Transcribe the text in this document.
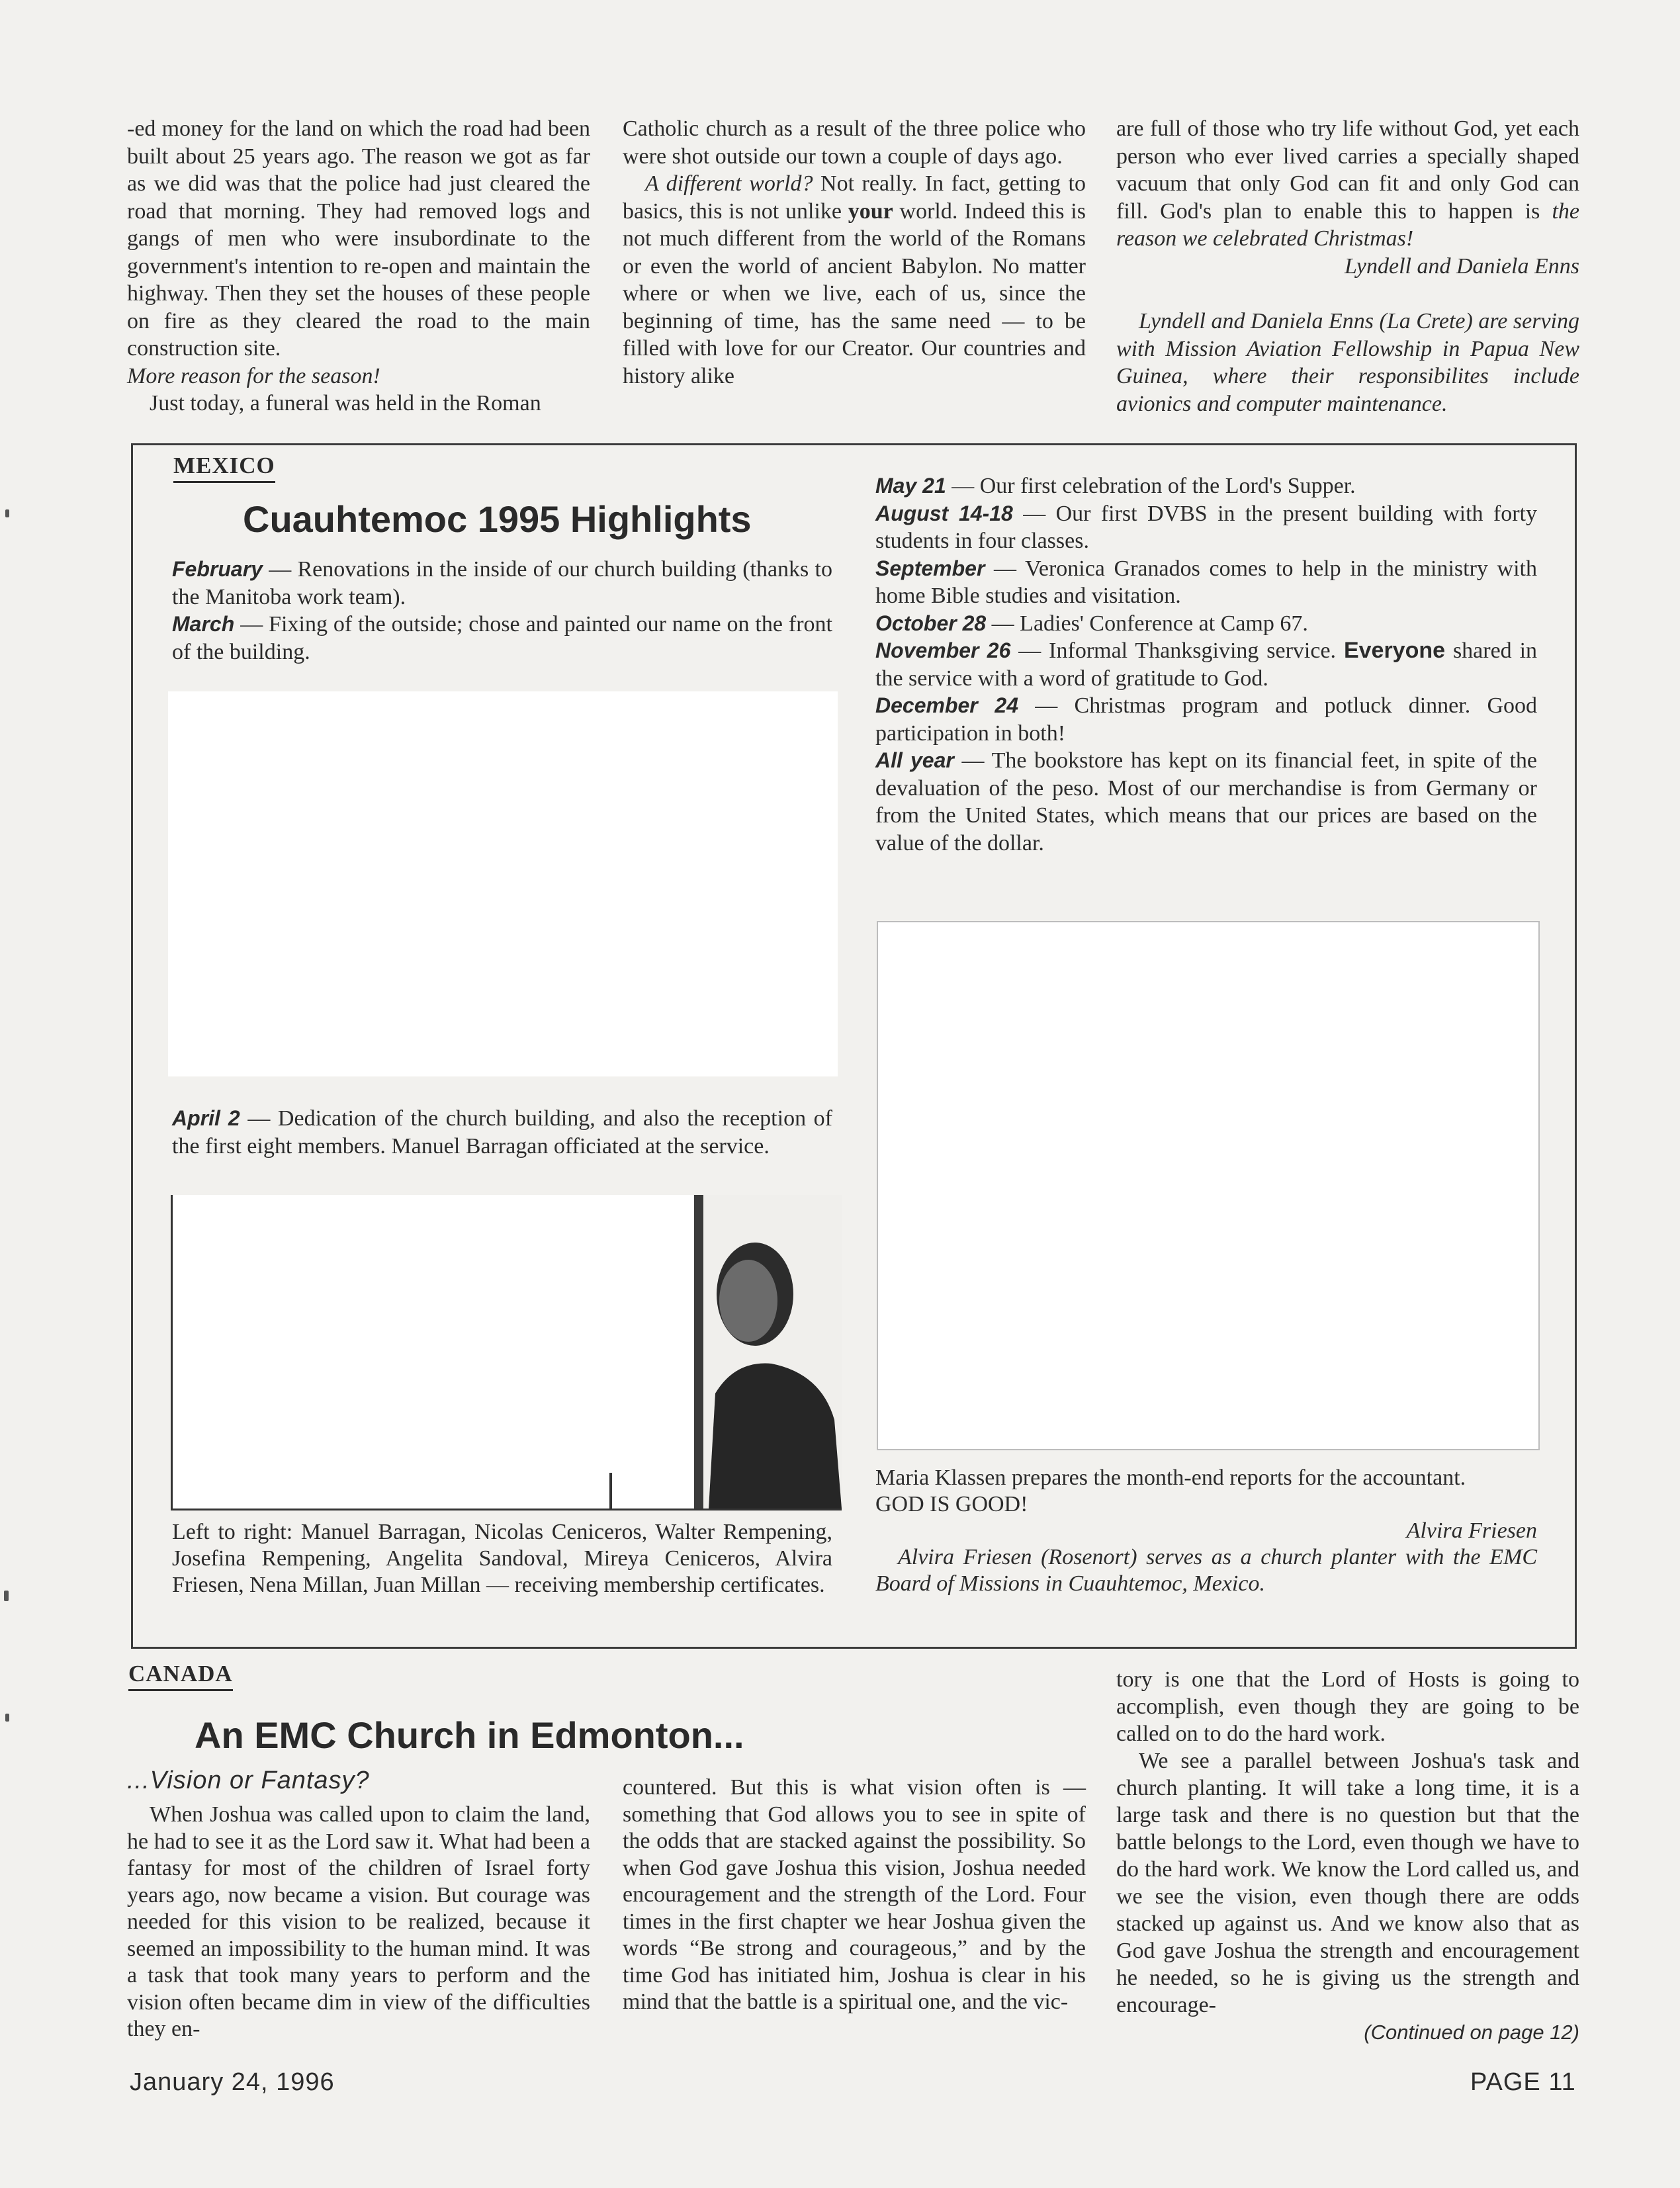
-ed money for the land on which the road had been built about 25 years ago. The reason we got as far as we did was that the police had just cleared the road that morning. They had removed logs and gangs of men who were insubordinate to the government's intention to re-open and maintain the highway. Then they set the houses of these people on fire as they cleared the road to the main construction site.

More reason for the season!

Just today, a funeral was held in the Roman

Catholic church as a result of the three police who were shot outside our town a couple of days ago.

A different world? Not really. In fact, getting to basics, this is not unlike your world. Indeed this is not much different from the world of the Romans or even the world of ancient Babylon. No matter where or when we live, each of us, since the beginning of time, has the same need — to be filled with love for our Creator. Our countries and history alike

are full of those who try life without God, yet each person who ever lived carries a specially shaped vacuum that only God can fit and only God can fill. God's plan to enable this to happen is the reason we celebrated Christmas!

Lyndell and Daniela Enns

Lyndell and Daniela Enns (La Crete) are serving with Mission Aviation Fellowship in Papua New Guinea, where their responsibilites include avionics and computer maintenance.

MEXICO
Cuauhtemoc 1995 Highlights

February — Renovations in the inside of our church building (thanks to the Manitoba work team).

March — Fixing of the outside; chose and painted our name on the front of the building.

April 2 — Dedication of the church building, and also the reception of the first eight members. Manuel Barragan officiated at the service.

Left to right: Manuel Barragan, Nicolas Ceniceros, Walter Rempening, Josefina Rempening, Angelita Sandoval, Mireya Ceniceros, Alvira Friesen, Nena Millan, Juan Millan — receiving membership certificates.

May 21 — Our first celebration of the Lord's Supper.

August 14-18 — Our first DVBS in the present building with forty students in four classes.

September — Veronica Granados comes to help in the ministry with home Bible studies and visitation.

October 28 — Ladies' Conference at Camp 67.

November 26 — Informal Thanksgiving service. Everyone shared in the service with a word of gratitude to God.

December 24 — Christmas program and potluck dinner. Good participation in both!

All year — The bookstore has kept on its financial feet, in spite of the devaluation of the peso. Most of our merchandise is from Germany or from the United States, which means that our prices are based on the value of the dollar.

Maria Klassen prepares the month-end reports for the accountant.

GOD IS GOOD!

Alvira Friesen

Alvira Friesen (Rosenort) serves as a church planter with the EMC Board of Missions in Cuauhtemoc, Mexico.

CANADA
An EMC Church in Edmonton...
...Vision or Fantasy?

When Joshua was called upon to claim the land, he had to see it as the Lord saw it. What had been a fantasy for most of the children of Israel forty years ago, now became a vision. But courage was needed for this vision to be realized, because it seemed an impossibility to the human mind. It was a task that took many years to perform and the vision often became dim in view of the difficulties they en-

countered. But this is what vision often is — something that God allows you to see in spite of the odds that are stacked against the possibility. So when God gave Joshua this vision, Joshua needed encouragement and the strength of the Lord. Four times in the first chapter we hear Joshua given the words “Be strong and courageous,” and by the time God has initiated him, Joshua is clear in his mind that the battle is a spiritual one, and the vic-

tory is one that the Lord of Hosts is going to accomplish, even though they are going to be called on to do the hard work.

We see a parallel between Joshua's task and church planting. It will take a long time, it is a large task and there is no question but that the battle belongs to the Lord, even though we have to do the hard work. We know the Lord called us, and we see the vision, even though there are odds stacked up against us. And we know also that as God gave Joshua the strength and encouragement he needed, so he is giving us the strength and encourage-

(Continued on page 12)

January 24, 1996	PAGE 11
